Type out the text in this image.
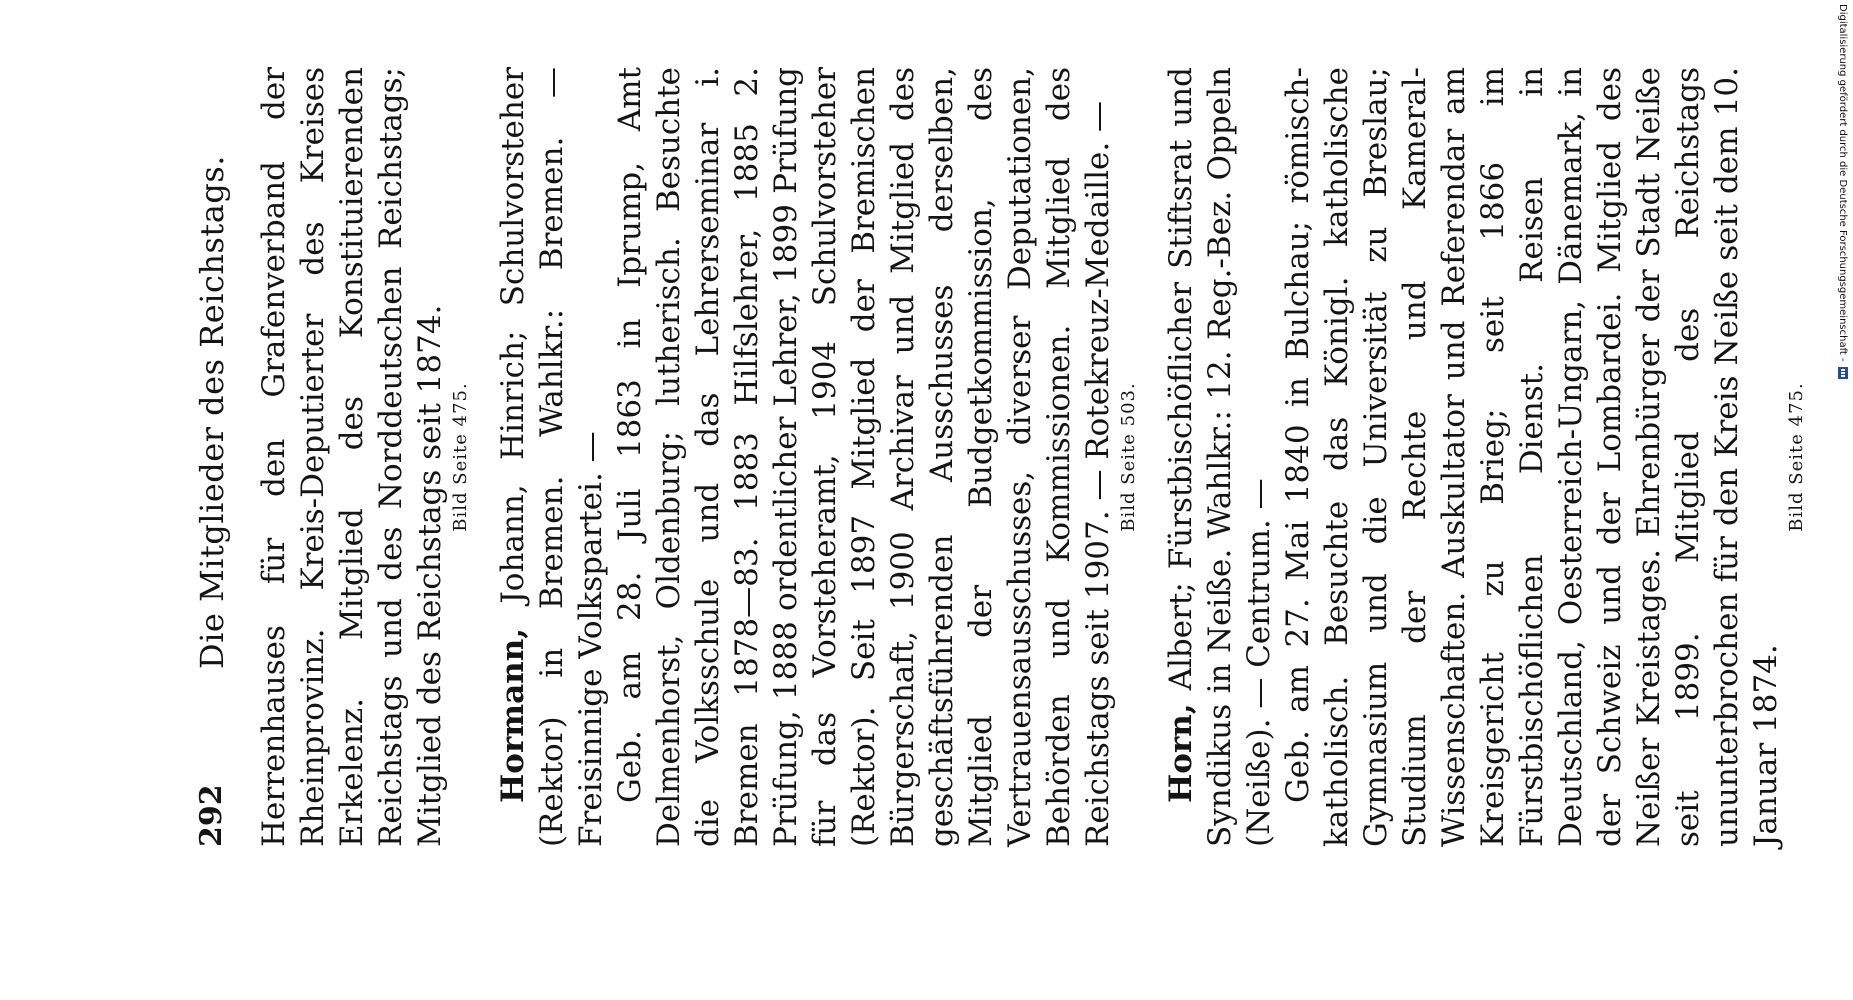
292
Die Mitglieder des Reichstags. Herrenhauses für den Grafenverband der Rheinprovinz. Kreis-Deputierter des Kreises Erkelenz. Mitglied des Konstituierenden Reichstags und des Norddeutschen Reichstags; Mitglied des Reichstags seit 1874. Bild Seite 475.

Hormann, Johann, Hinrich; Schulvorsteher (Rektor) in Bremen. Wahlkr.: Bremen. — Freisinnige Volkspartei. — Geb. am 28. Juli 1863 in Iprump, Amt Delmenhorst, Oldenburg; lutherisch. Besuchte die Volksschule und das Lehrerseminar i. Bremen 1878—83. 1883 Hilfslehrer, 1885 2. Prüfung, 1888 ordentlicher Lehrer, 1899 Prüfung für das Vorsteheramt, 1904 Schulvorsteher (Rektor). Seit 1897 Mitglied der Bremischen Bürgerschaft, 1900 Archivar und Mitglied des geschäftsführenden Ausschusses derselben, Mitglied der Budgetkommission, des Vertrauensausschusses, diverser Deputationen, Behörden und Kommissionen. Mitglied des Reichstags seit 1907. — Rotekreuz-Medaille. — Bild Seite 503.

Horn, Albert; Fürstbischöflicher Stiftsrat und Syndikus in Neiße. Wahlkr.: 12. Reg.-Bez. Oppeln (Neiße). — Centrum. — Geb. am 27. Mai 1840 in Bulchau; römisch-katholisch. Besuchte das Königl. katholische Gymnasium und die Universität zu Breslau; Studium der Rechte und Kameral-Wissenschaften. Auskultator und Referendar am Kreisgericht zu Brieg; seit 1866 im Fürstbischöflichen Dienst. Reisen in Deutschland, Oesterreich-Ungarn, Dänemark, in der Schweiz und der Lombardei. Mitglied des Neißer Kreistages. Ehrenbürger der Stadt Neiße seit 1899. Mitglied des Reichstags ununterbrochen für den Kreis Neiße seit dem 10. Januar 1874.

Bild Seite 475.

Digitalisierung gefördert durch die Deutsche Forschungsgemeinschaft -
